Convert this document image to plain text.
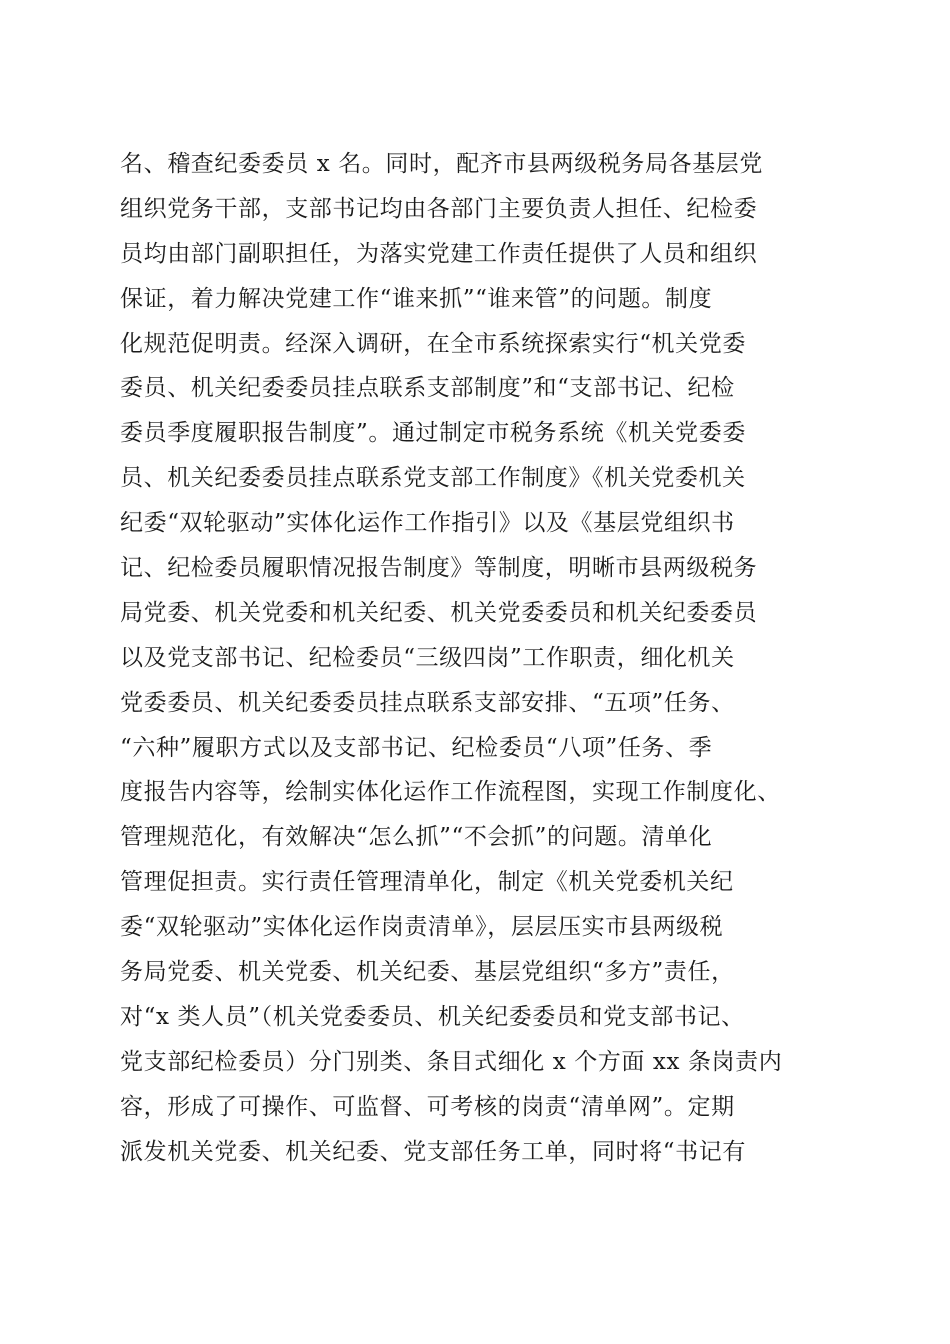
名、稽查纪委委员 x 名。同时，配齐市县两级税务局各基层党
组织党务干部，支部书记均由各部门主要负责人担任、纪检委
员均由部门副职担任，为落实党建工作责任提供了人员和组织
保证，着力解决党建工作“谁来抓”“谁来管”的问题。制度
化规范促明责。经深入调研，在全市系统探索实行“机关党委
委员、机关纪委委员挂点联系支部制度”和“支部书记、纪检
委员季度履职报告制度”。通过制定市税务系统《机关党委委
员、机关纪委委员挂点联系党支部工作制度》《机关党委机关
纪委“双轮驱动”实体化运作工作指引》以及《基层党组织书
记、纪检委员履职情况报告制度》等制度，明晰市县两级税务
局党委、机关党委和机关纪委、机关党委委员和机关纪委委员
以及党支部书记、纪检委员“三级四岗”工作职责，细化机关
党委委员、机关纪委委员挂点联系支部安排、“五项”任务、
“六种”履职方式以及支部书记、纪检委员“八项”任务、季
度报告内容等，绘制实体化运作工作流程图，实现工作制度化、
管理规范化，有效解决“怎么抓”“不会抓”的问题。清单化
管理促担责。实行责任管理清单化，制定《机关党委机关纪
委“双轮驱动”实体化运作岗责清单》，层层压实市县两级税
务局党委、机关党委、机关纪委、基层党组织“多方”责任，
对“x 类人员”（机关党委委员、机关纪委委员和党支部书记、
党支部纪检委员）分门别类、条目式细化 x 个方面 xx 条岗责内
容，形成了可操作、可监督、可考核的岗责“清单网”。定期
派发机关党委、机关纪委、党支部任务工单，同时将“书记有
